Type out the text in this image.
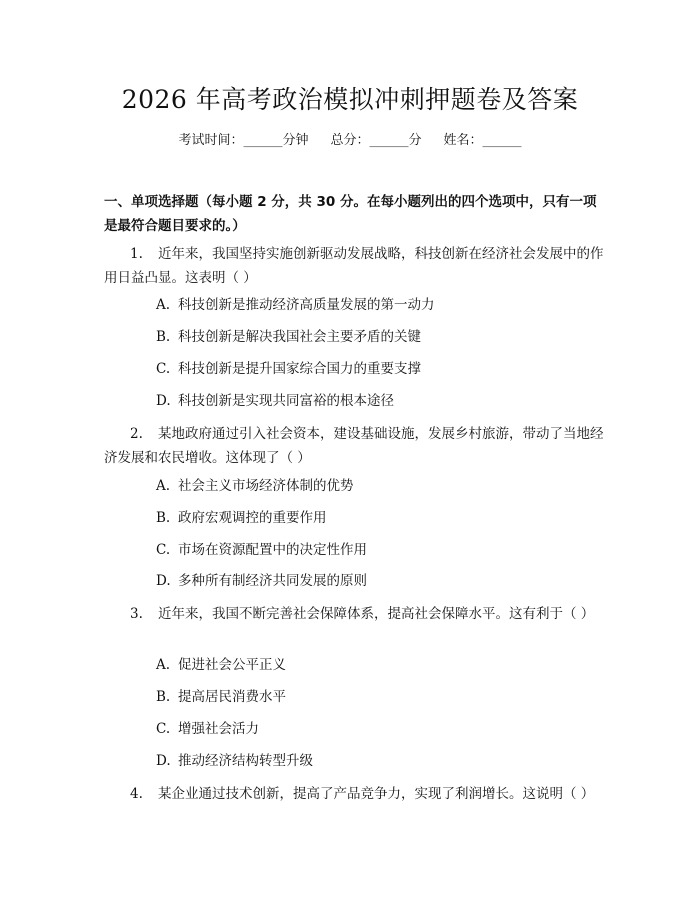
2026 年高考政治模拟冲刺押题卷及答案
考试时间：______分钟 总分：______分 姓名：______
一、单项选择题（每小题 2 分，共 30 分。在每小题列出的四个选项中，只有一项是最符合题目要求的。）
1. 近年来，我国坚持实施创新驱动发展战略，科技创新在经济社会发展中的作用日益凸显。这表明（ ）
A. 科技创新是推动经济高质量发展的第一动力
B. 科技创新是解决我国社会主要矛盾的关键
C. 科技创新是提升国家综合国力的重要支撑
D. 科技创新是实现共同富裕的根本途径
2. 某地政府通过引入社会资本，建设基础设施，发展乡村旅游，带动了当地经济发展和农民增收。这体现了（ ）
A. 社会主义市场经济体制的优势
B. 政府宏观调控的重要作用
C. 市场在资源配置中的决定性作用
D. 多种所有制经济共同发展的原则
3. 近年来，我国不断完善社会保障体系，提高社会保障水平。这有利于（ ）
A. 促进社会公平正义
B. 提高居民消费水平
C. 增强社会活力
D. 推动经济结构转型升级
4. 某企业通过技术创新，提高了产品竞争力，实现了利润增长。这说明（ ）
